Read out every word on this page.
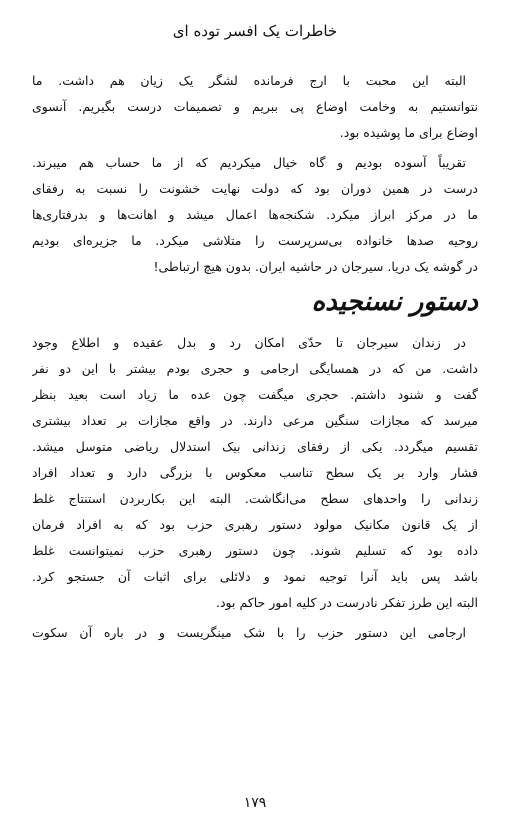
خاطرات یک افسر توده ای
البته این محبت با ارج فرمانده لشگر یک زیان هم داشت. ما
نتوانستیم به وخامت اوضاع پی ببریم و تصمیمات درست بگیریم. آنسوی
اوضاع برای ما پوشیده بود.
تقریباً آسوده بودیم و گاه خیال میکردیم که از ما حساب هم میبرند.
درست در همین دوران بود که دولت نهایت خشونت را نسبت به رفقای
ما در مرکز ابراز میکرد. شکنجه‌ها اعمال میشد و اهانت‌ها و بدرفتاری‌ها
روحیه صدها خانواده بی‌سرپرست را متلاشی میکرد. ما جزیره‌ای بودیم
در گوشه یک دریا. سیرجان در حاشیه ایران. بدون هیچ ارتباطی!
دستور نسنجیده
در زندان سیرجان تا حدّی امکان رد و بدل عقیده و اطلاع وجود
داشت. من که در همسایگی ارجامی و حجری بودم بیشتر با این دو نفر
گفت و شنود داشتم. حجری میگفت چون عده ما زیاد است بعید بنظر
میرسد که مجازات سنگین مرعی دارند. در واقع مجازات بر تعداد بیشتری
تقسیم میگردد. یکی از رفقای زندانی بیک استدلال ریاضی متوسل میشد.
فشار وارد بر یک سطح تناسب معکوس با بزرگی دارد و تعداد افراد
زندانی را واحدهای سطح می‌انگاشت. البته این بکاربردن استنتاج غلط
از یک قانون مکانیک مولود دستور رهبری حزب بود که به افراد فرمان
داده بود که تسلیم شوند. چون دستور رهبری حزب نمیتوانست غلط
باشد پس باید آنرا توجیه نمود و دلائلی برای اثبات آن جستجو کرد.
البته این طرز تفکر نادرست در کلیه امور حاکم بود.
ارجامی این دستور حزب را با شک مینگریست و در باره آن سکوت
۱۷۹
